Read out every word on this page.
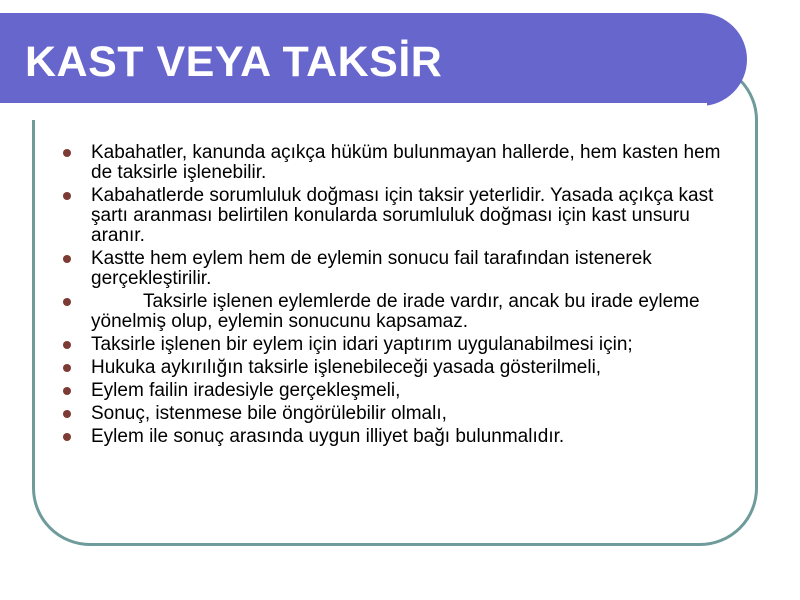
KAST VEYA TAKSİR
Kabahatler, kanunda açıkça hüküm bulunmayan hallerde, hem kasten hem de taksirle işlenebilir.
Kabahatlerde sorumluluk doğması için taksir yeterlidir. Yasada açıkça kast şartı aranması belirtilen konularda sorumluluk doğması için kast unsuru aranır.
Kastte hem eylem hem de eylemin sonucu fail tarafından istenerek gerçekleştirilir.
Taksirle işlenen eylemlerde de irade vardır, ancak bu irade eyleme yönelmiş olup, eylemin sonucunu kapsamaz.
Taksirle işlenen bir eylem için idari yaptırım uygulanabilmesi için;
Hukuka aykırılığın taksirle işlenebileceği yasada gösterilmeli,
Eylem failin iradesiyle gerçekleşmeli,
Sonuç, istenmese bile öngörülebilir olmalı,
Eylem ile sonuç arasında uygun illiyet bağı bulunmalıdır.
